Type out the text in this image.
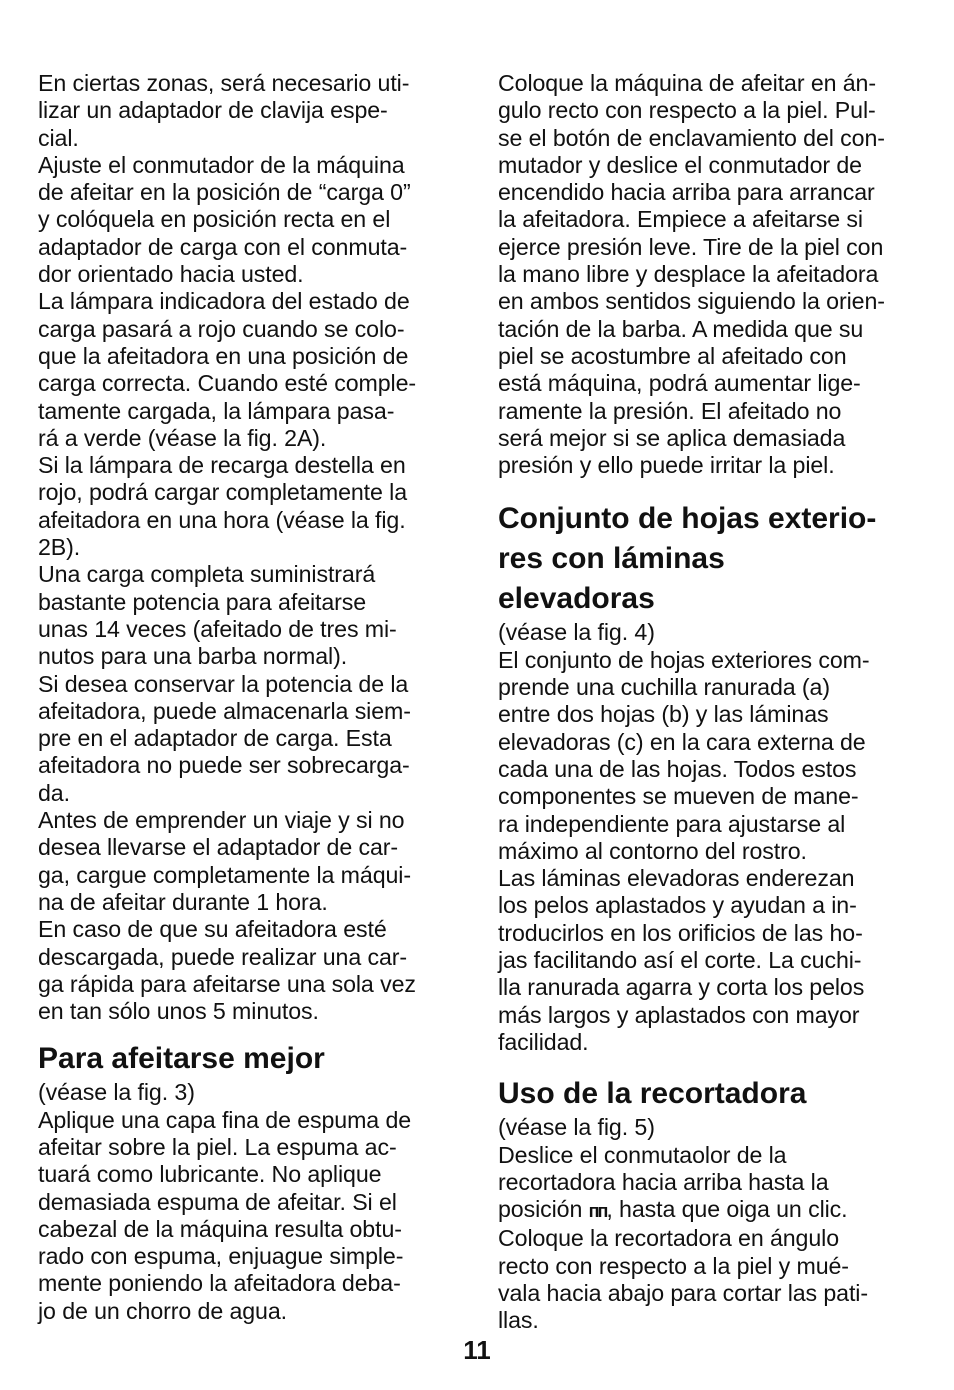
En ciertas zonas, será necesario uti-
lizar un adaptador de clavija espe-
cial.
Ajuste el conmutador de la máquina
de afeitar en la posición de “carga 0”
y colóquela en posición recta en el
adaptador de carga con el conmuta-
dor orientado hacia usted.
La lámpara indicadora del estado de
carga pasará a rojo cuando se colo-
que la afeitadora en una posición de
carga correcta. Cuando esté comple-
tamente cargada, la lámpara pasa-
rá a verde (véase la fig. 2A).
Si la lámpara de recarga destella en
rojo, podrá cargar completamente la
afeitadora en una hora (véase la fig.
2B).
Una carga completa suministrará
bastante potencia para afeitarse
unas 14 veces (afeitado de tres mi-
nutos para una barba normal).
Si desea conservar la potencia de la
afeitadora, puede almacenarla siem-
pre en el adaptador de carga. Esta
afeitadora no puede ser sobrecarga-
da.
Antes de emprender un viaje y si no
desea llevarse el adaptador de car-
ga, cargue completamente la máqui-
na de afeitar durante 1 hora.
En caso de que su afeitadora esté
descargada, puede realizar una car-
ga rápida para afeitarse una sola vez
en tan sólo unos 5 minutos.
Para afeitarse mejor
(véase la fig. 3)
Aplique una capa fina de espuma de
afeitar sobre la piel. La espuma ac-
tuará como lubricante. No aplique
demasiada espuma de afeitar. Si el
cabezal de la máquina resulta obtu-
rado con espuma, enjuague simple-
mente poniendo la afeitadora deba-
jo de un chorro de agua.
Coloque la máquina de afeitar en án-
gulo recto con respecto a la piel. Pul-
se el botón de enclavamiento del con-
mutador y deslice el conmutador de
encendido hacia arriba para arrancar
la afeitadora. Empiece a afeitarse si
ejerce presión leve. Tire de la piel con
la mano libre y desplace la afeitadora
en ambos sentidos siguiendo la orien-
tación de la barba. A medida que su
piel se acostumbre al afeitado con
está máquina, podrá aumentar lige-
ramente la presión. El afeitado no
será mejor si se aplica demasiada
presión y ello puede irritar la piel.
Conjunto de hojas exterio-
res con láminas
elevadoras
(véase la fig. 4)
El conjunto de hojas exteriores com-
prende una cuchilla ranurada (a)
entre dos hojas (b) y las láminas
elevadoras (c) en la cara externa de
cada una de las hojas. Todos estos
componentes se mueven de mane-
ra independiente para ajustarse al
máximo al contorno del rostro.
Las láminas elevadoras enderezan
los pelos aplastados y ayudan a in-
troducirlos en los orificios de las ho-
jas facilitando así el corte. La cuchi-
lla ranurada agarra y corta los pelos
más largos y aplastados con mayor
facilidad.
Uso de la recortadora
(véase la fig. 5)
Deslice el conmutaolor de la
recortadora hacia arriba hasta la
posición ᴨᴨ, hasta que oiga un clic.
Coloque la recortadora en ángulo
recto con respecto a la piel y mué-
vala hacia abajo para cortar las pati-
llas.
11
